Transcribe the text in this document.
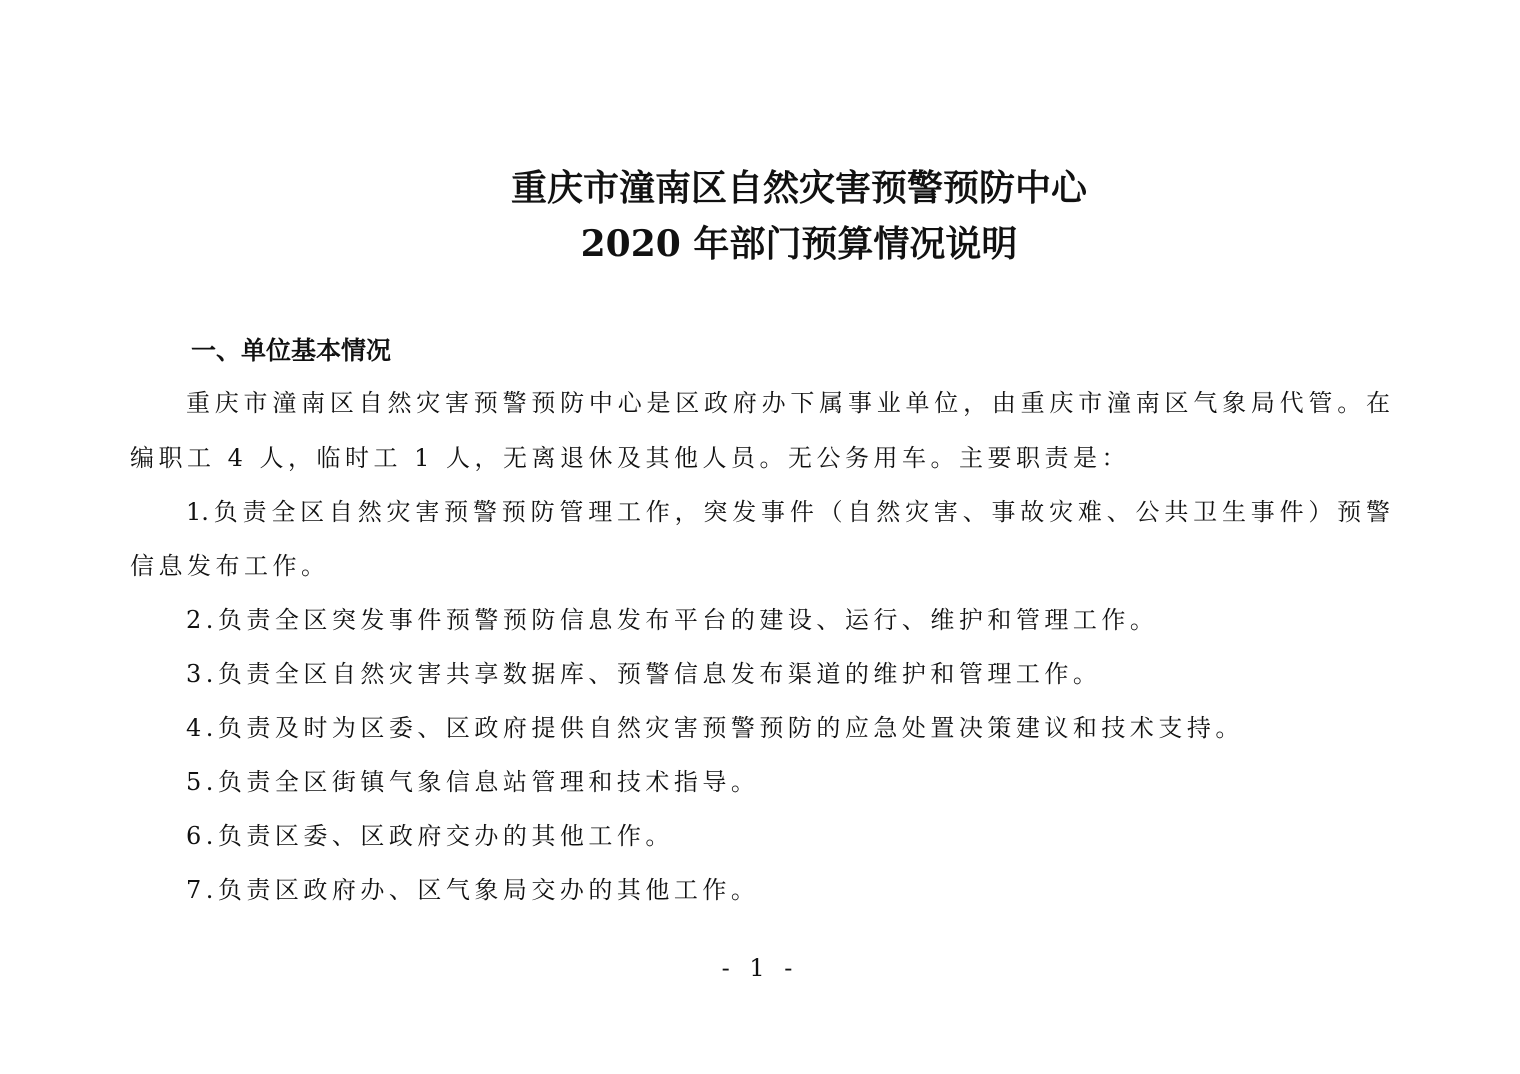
重庆市潼南区自然灾害预警预防中心
2020 年部门预算情况说明
一、单位基本情况
重庆市潼南区自然灾害预警预防中心是区政府办下属事业单位，由重庆市潼南区气象局代管。在
编职工 4 人，临时工 1 人，无离退休及其他人员。无公务用车。主要职责是：
1.负责全区自然灾害预警预防管理工作，突发事件（自然灾害、事故灾难、公共卫生事件）预警
信息发布工作。
2.负责全区突发事件预警预防信息发布平台的建设、运行、维护和管理工作。
3.负责全区自然灾害共享数据库、预警信息发布渠道的维护和管理工作。
4.负责及时为区委、区政府提供自然灾害预警预防的应急处置决策建议和技术支持。
5.负责全区街镇气象信息站管理和技术指导。
6.负责区委、区政府交办的其他工作。
7.负责区政府办、区气象局交办的其他工作。
- 1 -
